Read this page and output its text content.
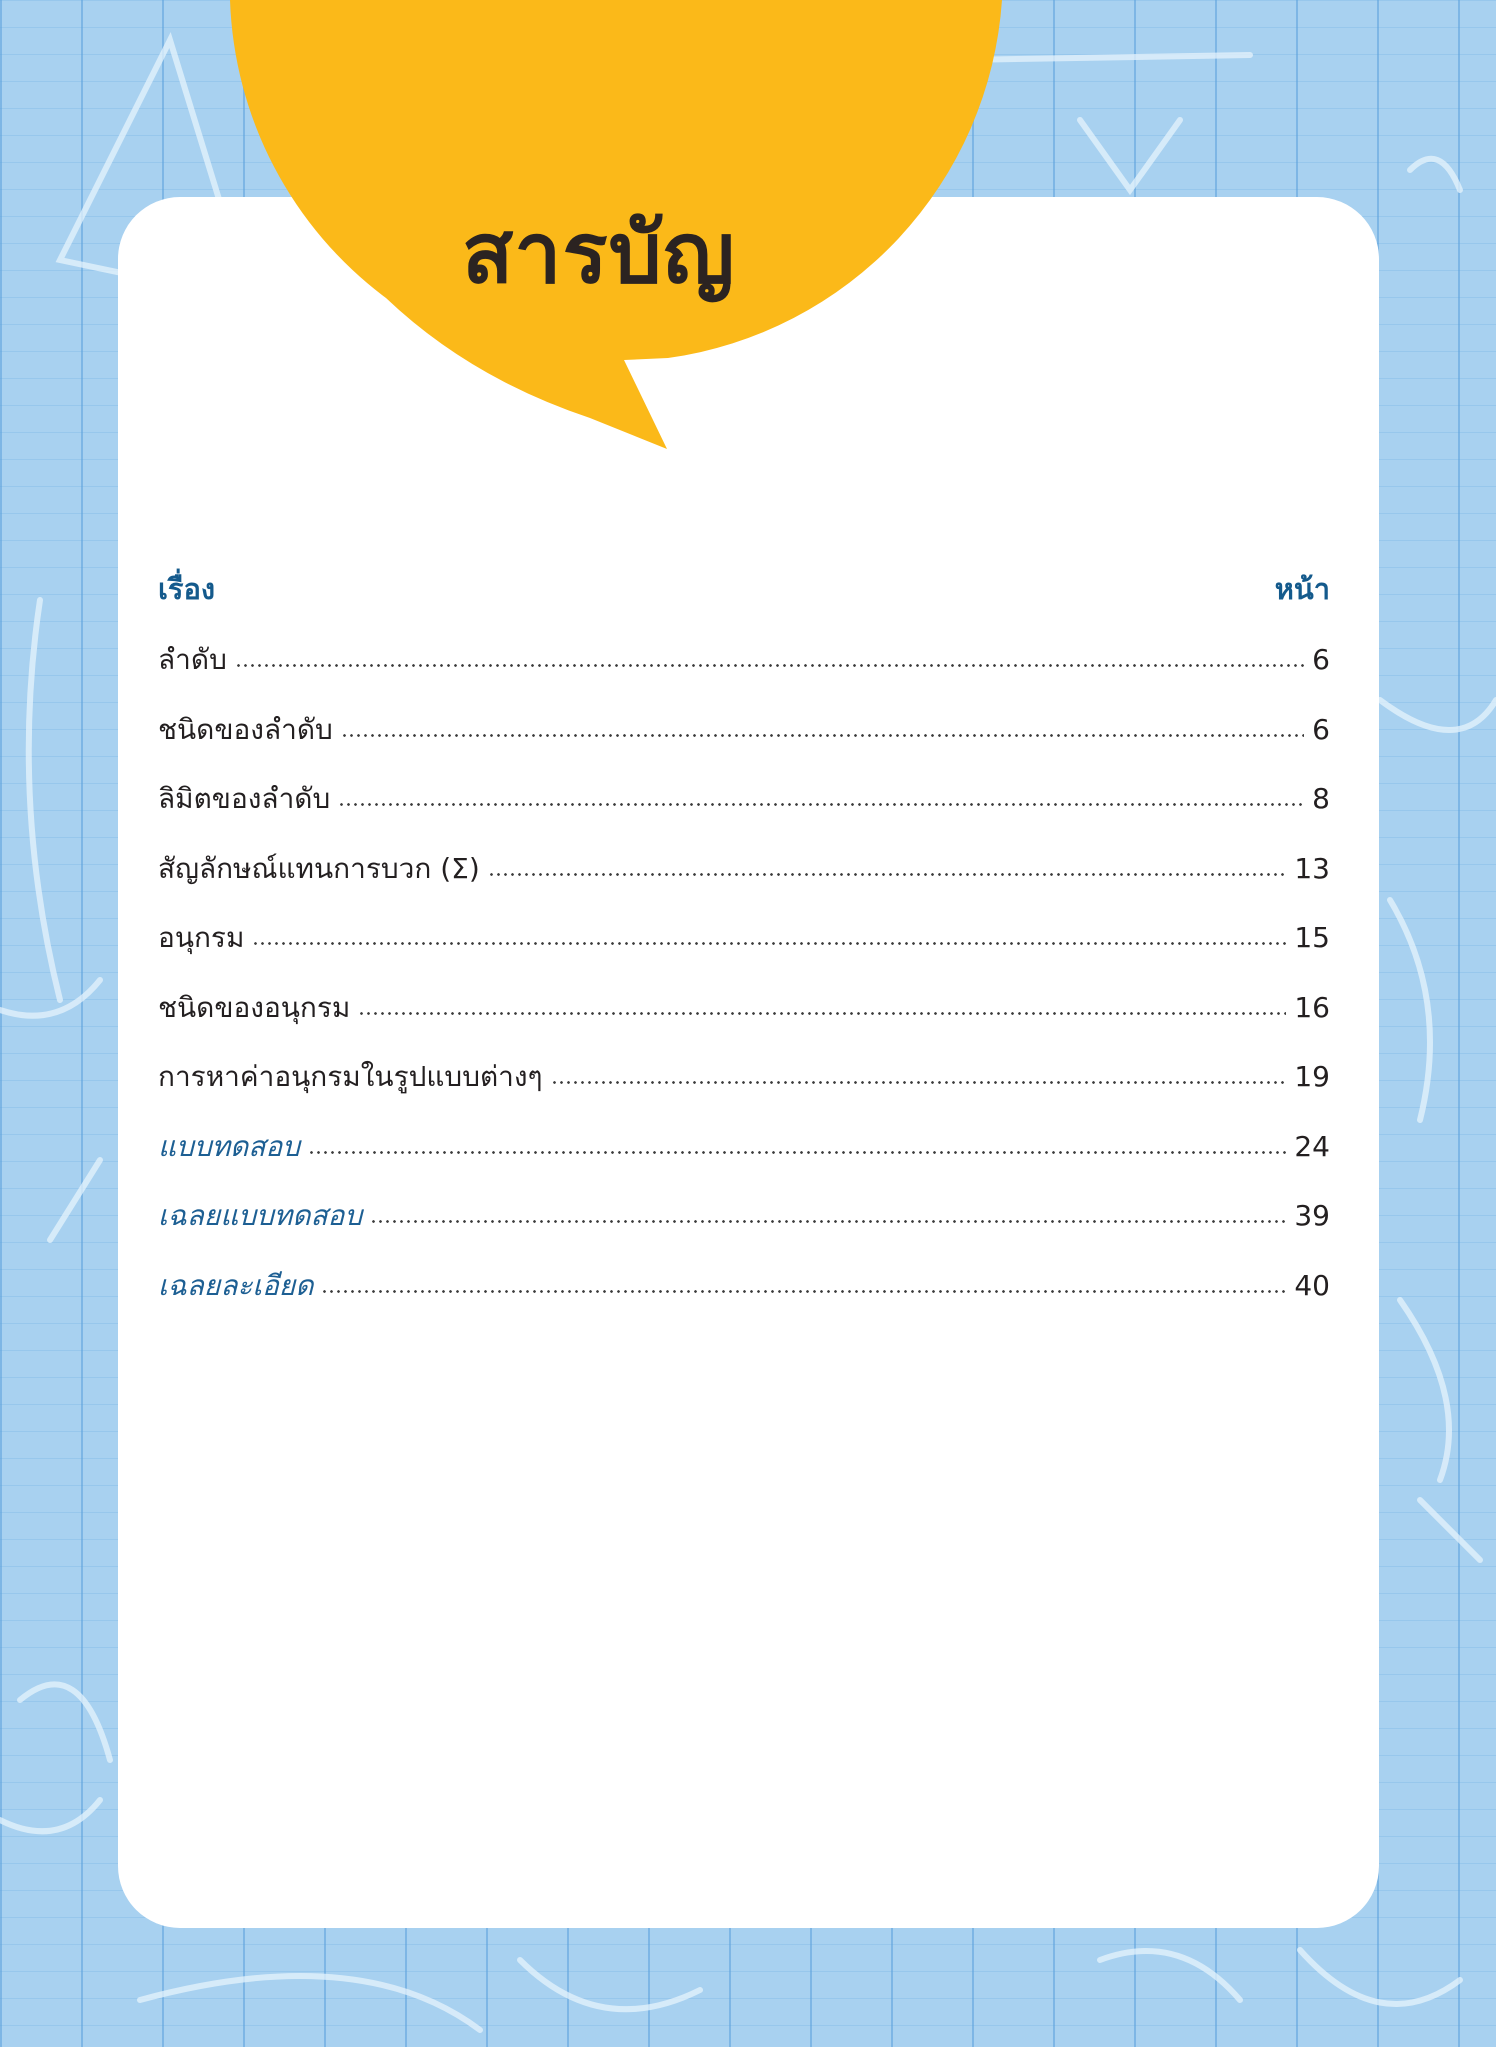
สารบัญ
เรื่อง	หน้า
ลำดับ	6
ชนิดของลำดับ	6
ลิมิตของลำดับ	8
สัญลักษณ์แทนการบวก (Σ)	13
อนุกรม	15
ชนิดของอนุกรม	16
การหาค่าอนุกรมในรูปแบบต่างๆ	19
แบบทดสอบ	24
เฉลยแบบทดสอบ	39
เฉลยละเอียด	40
